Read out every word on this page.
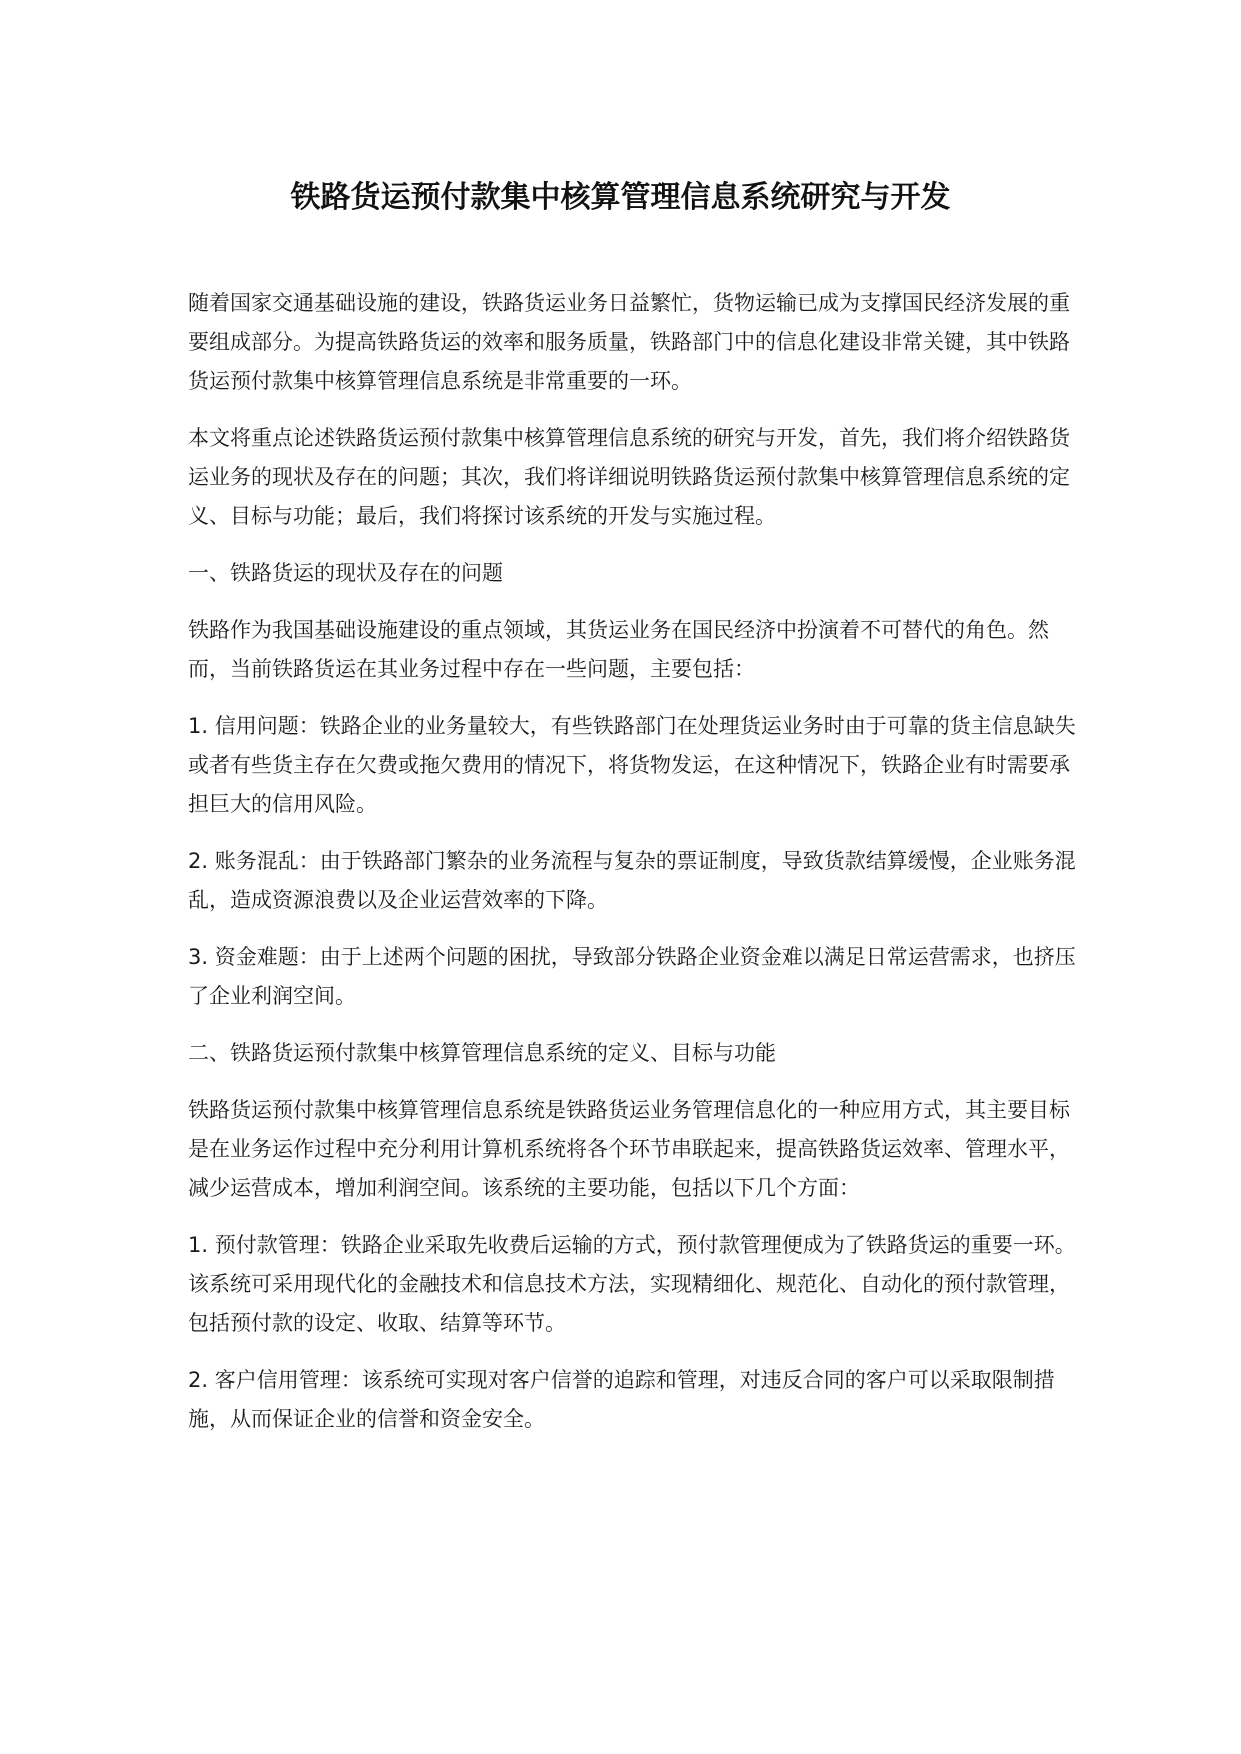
铁路货运预付款集中核算管理信息系统研究与开发

随着国家交通基础设施的建设，铁路货运业务日益繁忙，货物运输已成为支撑国民经济发展的重要组成部分。为提高铁路货运的效率和服务质量，铁路部门中的信息化建设非常关键，其中铁路货运预付款集中核算管理信息系统是非常重要的一环。

本文将重点论述铁路货运预付款集中核算管理信息系统的研究与开发，首先，我们将介绍铁路货运业务的现状及存在的问题；其次，我们将详细说明铁路货运预付款集中核算管理信息系统的定义、目标与功能；最后，我们将探讨该系统的开发与实施过程。

一、铁路货运的现状及存在的问题

铁路作为我国基础设施建设的重点领域，其货运业务在国民经济中扮演着不可替代的角色。然而，当前铁路货运在其业务过程中存在一些问题，主要包括：

1. 信用问题：铁路企业的业务量较大，有些铁路部门在处理货运业务时由于可靠的货主信息缺失或者有些货主存在欠费或拖欠费用的情况下，将货物发运，在这种情况下，铁路企业有时需要承担巨大的信用风险。

2. 账务混乱：由于铁路部门繁杂的业务流程与复杂的票证制度，导致货款结算缓慢，企业账务混乱，造成资源浪费以及企业运营效率的下降。

3. 资金难题：由于上述两个问题的困扰，导致部分铁路企业资金难以满足日常运营需求，也挤压了企业利润空间。

二、铁路货运预付款集中核算管理信息系统的定义、目标与功能

铁路货运预付款集中核算管理信息系统是铁路货运业务管理信息化的一种应用方式，其主要目标是在业务运作过程中充分利用计算机系统将各个环节串联起来，提高铁路货运效率、管理水平，减少运营成本，增加利润空间。该系统的主要功能，包括以下几个方面：

1. 预付款管理：铁路企业采取先收费后运输的方式，预付款管理便成为了铁路货运的重要一环。该系统可采用现代化的金融技术和信息技术方法，实现精细化、规范化、自动化的预付款管理，包括预付款的设定、收取、结算等环节。

2. 客户信用管理：该系统可实现对客户信誉的追踪和管理，对违反合同的客户可以采取限制措施，从而保证企业的信誉和资金安全。
